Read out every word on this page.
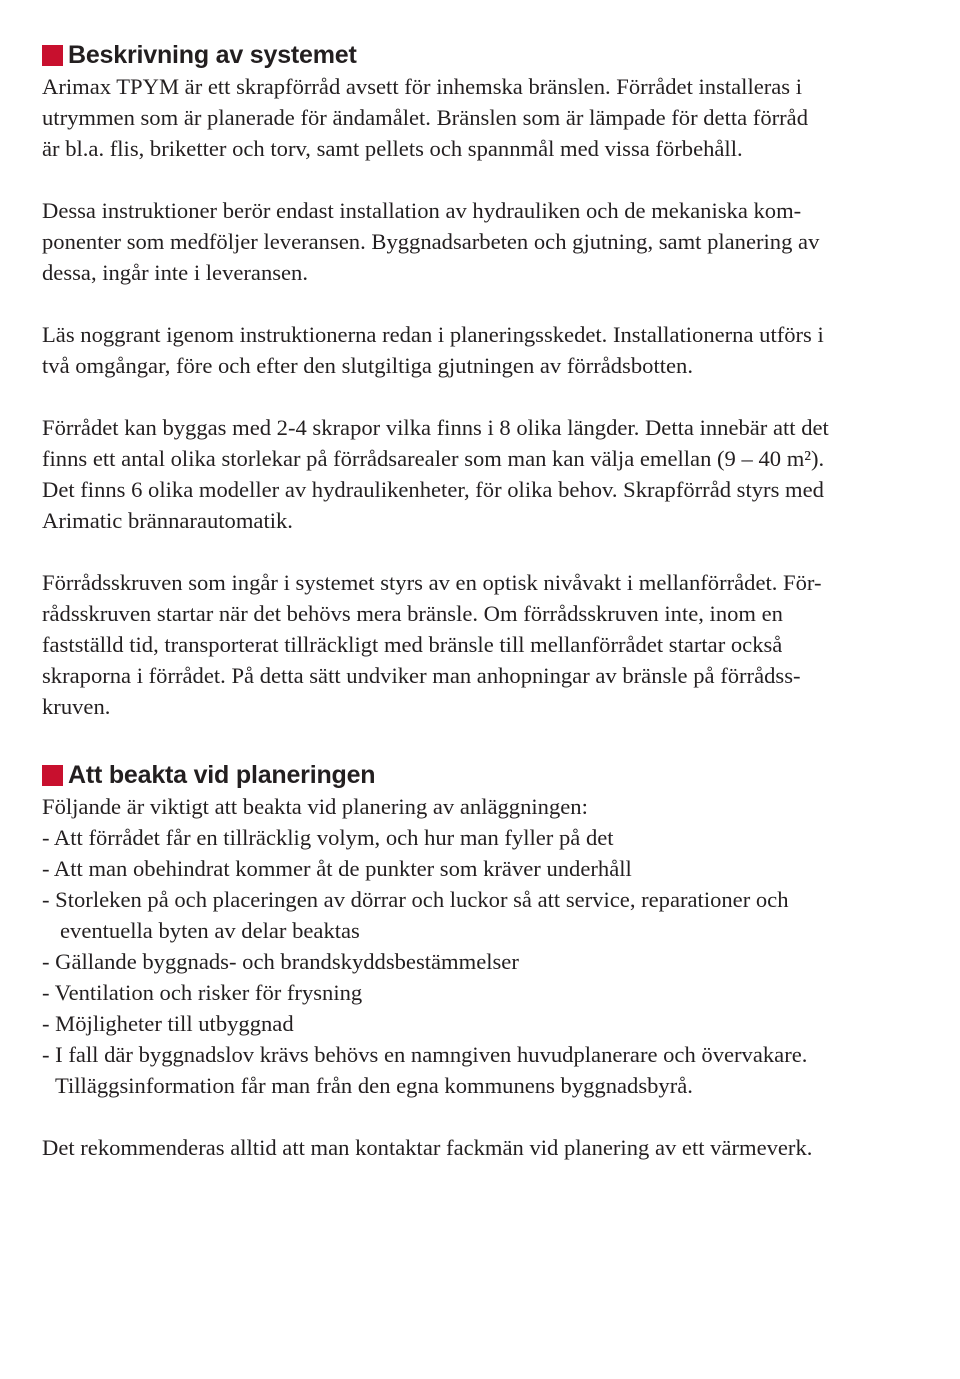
Beskrivning av systemet
Arimax TPYM är ett skrapförråd avsett för inhemska bränslen. Förrådet installeras i
utrymmen som är planerade för ändamålet. Bränslen som är lämpade för detta förråd
är bl.a. flis, briketter och torv, samt pellets och spannmål med vissa förbehåll.
Dessa instruktioner berör endast installation av hydrauliken och de mekaniska kom-
ponenter som medföljer leveransen. Byggnadsarbeten och gjutning, samt planering av
dessa, ingår inte i leveransen.
Läs noggrant igenom instruktionerna redan i planeringsskedet. Installationerna utförs i
två omgångar, före och efter den slutgiltiga gjutningen av förrådsbotten.
Förrådet kan byggas med 2-4 skrapor vilka finns i 8 olika längder. Detta innebär att det
finns ett antal olika storlekar på förrådsarealer som man kan välja emellan (9 – 40 m²).
Det finns 6 olika modeller av hydraulikenheter, för olika behov. Skrapförråd styrs med
Arimatic brännarautomatik.
Förrådsskruven som ingår i systemet styrs av en optisk nivåvakt i mellanförrådet. För-
rådsskruven startar när det behövs mera bränsle. Om förrådsskruven inte, inom en
fastställd tid, transporterat tillräckligt med bränsle till mellanförrådet startar också
skraporna i förrådet. På detta sätt undviker man anhopningar av bränsle på förrådss-
kruven.
Att beakta vid planeringen
Följande är viktigt att beakta vid planering av anläggningen:
- Att förrådet får en tillräcklig volym, och hur man fyller på det
- Att man obehindrat kommer åt de punkter som kräver underhåll
- Storleken på och placeringen av dörrar och luckor så att service, reparationer och
eventuella byten av delar beaktas
- Gällande byggnads- och brandskyddsbestämmelser
- Ventilation och risker för frysning
- Möjligheter till utbyggnad
- I fall där byggnadslov krävs behövs en namngiven huvudplanerare och övervakare.
Tilläggsinformation får man från den egna kommunens byggnadsbyrå.
Det rekommenderas alltid att man kontaktar fackmän vid planering av ett värmeverk.
